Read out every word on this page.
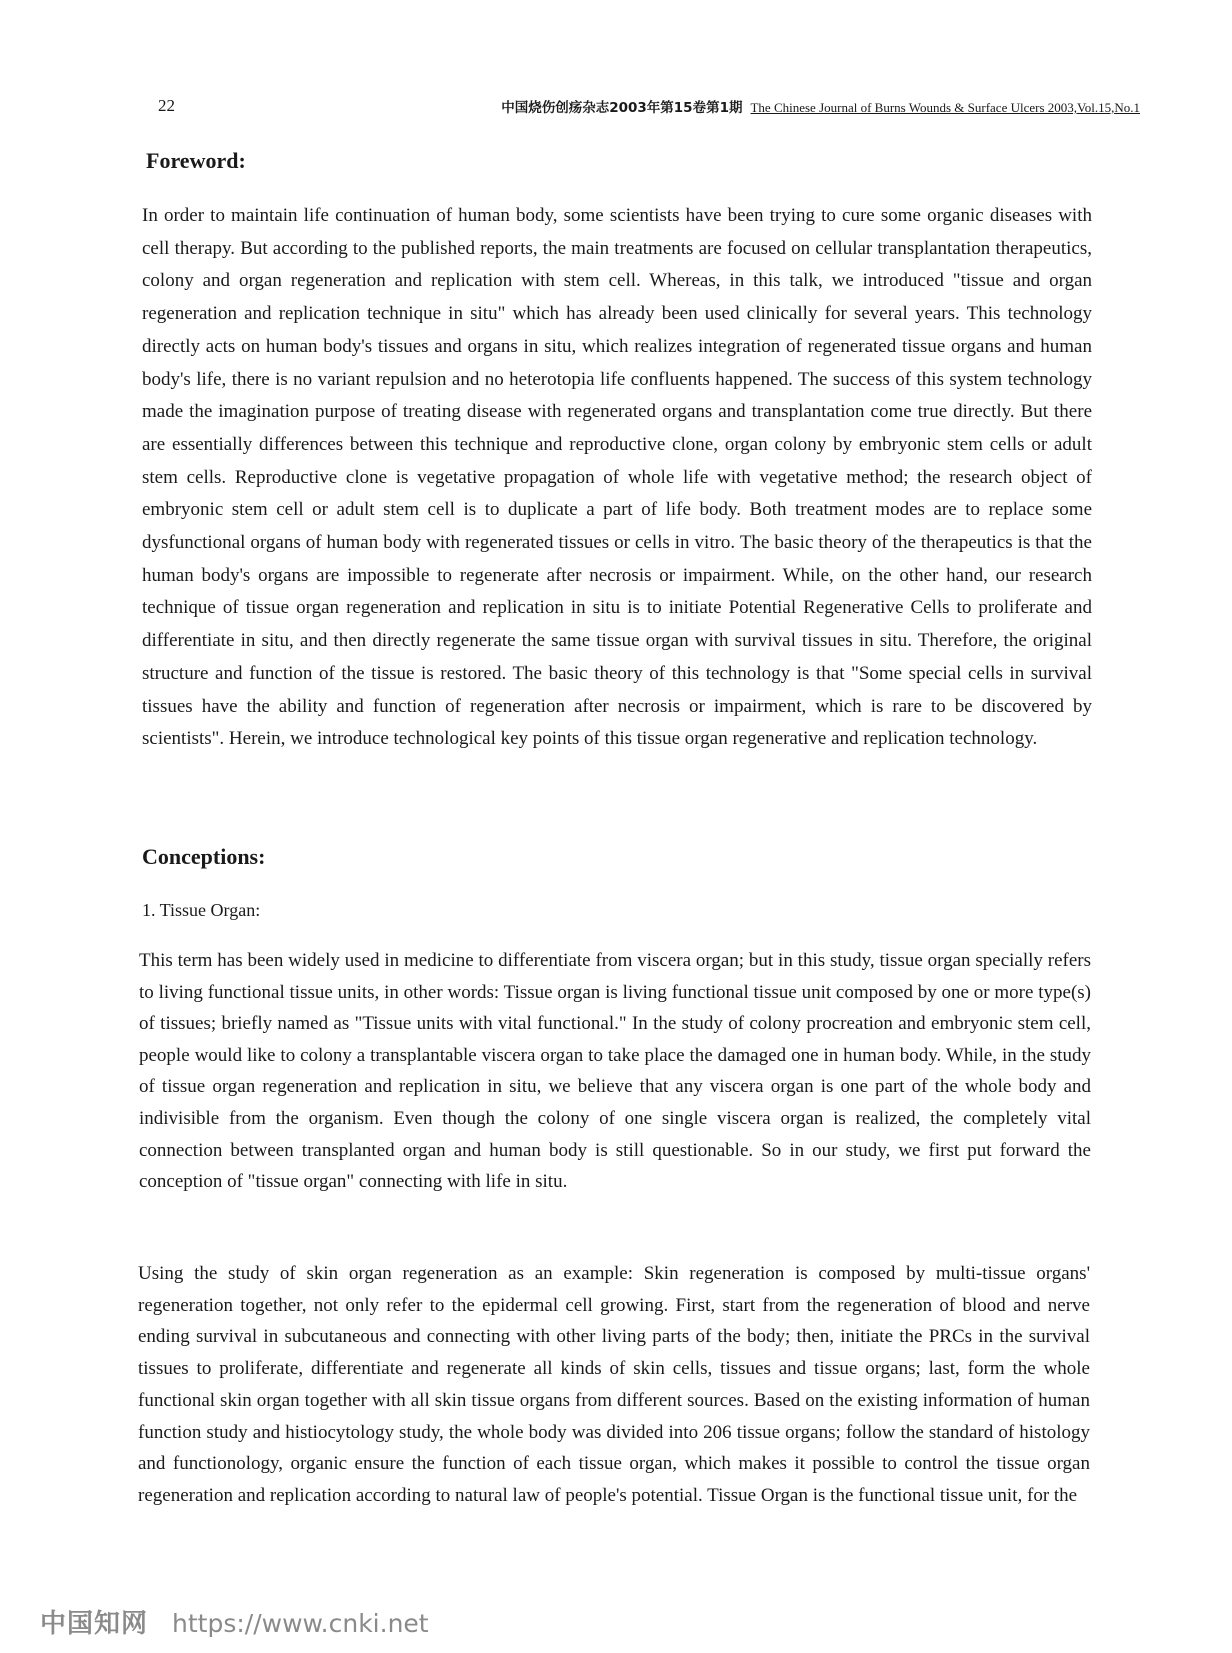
22	中国烧伤创疡杂志2003年第15卷第1期 The Chinese Journal of Burns Wounds & Surface Ulcers 2003,Vol.15,No.1
Foreword:

In order to maintain life continuation of human body, some scientists have been trying to cure some organic diseases with cell therapy. But according to the published reports, the main treatments are focused on cellular transplantation therapeutics, colony and organ regeneration and replication with stem cell. Whereas, in this talk, we introduced "tissue and organ regeneration and replication technique in situ" which has already been used clinically for several years. This technology directly acts on human body's tissues and organs in situ, which realizes integration of regenerated tissue organs and human body's life, there is no variant repulsion and no heterotopia life confluents happened. The success of this system technology made the imagination purpose of treating disease with regenerated organs and transplantation come true directly. But there are essentially differences between this technique and reproductive clone, organ colony by embryonic stem cells or adult stem cells. Reproductive clone is vegetative propagation of whole life with vegetative method; the research object of embryonic stem cell or adult stem cell is to duplicate a part of life body. Both treatment modes are to replace some dysfunctional organs of human body with regenerated tissues or cells in vitro. The basic theory of the therapeutics is that the human body's organs are impossible to regenerate after necrosis or impairment. While, on the other hand, our research technique of tissue organ regeneration and replication in situ is to initiate Potential Regenerative Cells to proliferate and differentiate in situ, and then directly regenerate the same tissue organ with survival tissues in situ. Therefore, the original structure and function of the tissue is restored. The basic theory of this technology is that "Some special cells in survival tissues have the ability and function of regeneration after necrosis or impairment, which is rare to be discovered by scientists". Herein, we introduce technological key points of this tissue organ regenerative and replication technology.

Conceptions:
1. Tissue Organ:

This term has been widely used in medicine to differentiate from viscera organ; but in this study, tissue organ specially refers to living functional tissue units, in other words: Tissue organ is living functional tissue unit composed by one or more type(s) of tissues; briefly named as "Tissue units with vital functional." In the study of colony procreation and embryonic stem cell, people would like to colony a transplantable viscera organ to take place the damaged one in human body. While, in the study of tissue organ regeneration and replication in situ, we believe that any viscera organ is one part of the whole body and indivisible from the organism. Even though the colony of one single viscera organ is realized, the completely vital connection between transplanted organ and human body is still questionable. So in our study, we first put forward the conception of "tissue organ" connecting with life in situ.

Using the study of skin organ regeneration as an example: Skin regeneration is composed by multi-tissue organs' regeneration together, not only refer to the epidermal cell growing. First, start from the regeneration of blood and nerve ending survival in subcutaneous and connecting with other living parts of the body; then, initiate the PRCs in the survival tissues to proliferate, differentiate and regenerate all kinds of skin cells, tissues and tissue organs; last, form the whole functional skin organ together with all skin tissue organs from different sources. Based on the existing information of human function study and histiocytology study, the whole body was divided into 206 tissue organs; follow the standard of histology and functionology, organic ensure the function of each tissue organ, which makes it possible to control the tissue organ regeneration and replication according to natural law of people's potential. Tissue Organ is the functional tissue unit, for the

中国知网 https://www.cnki.net
